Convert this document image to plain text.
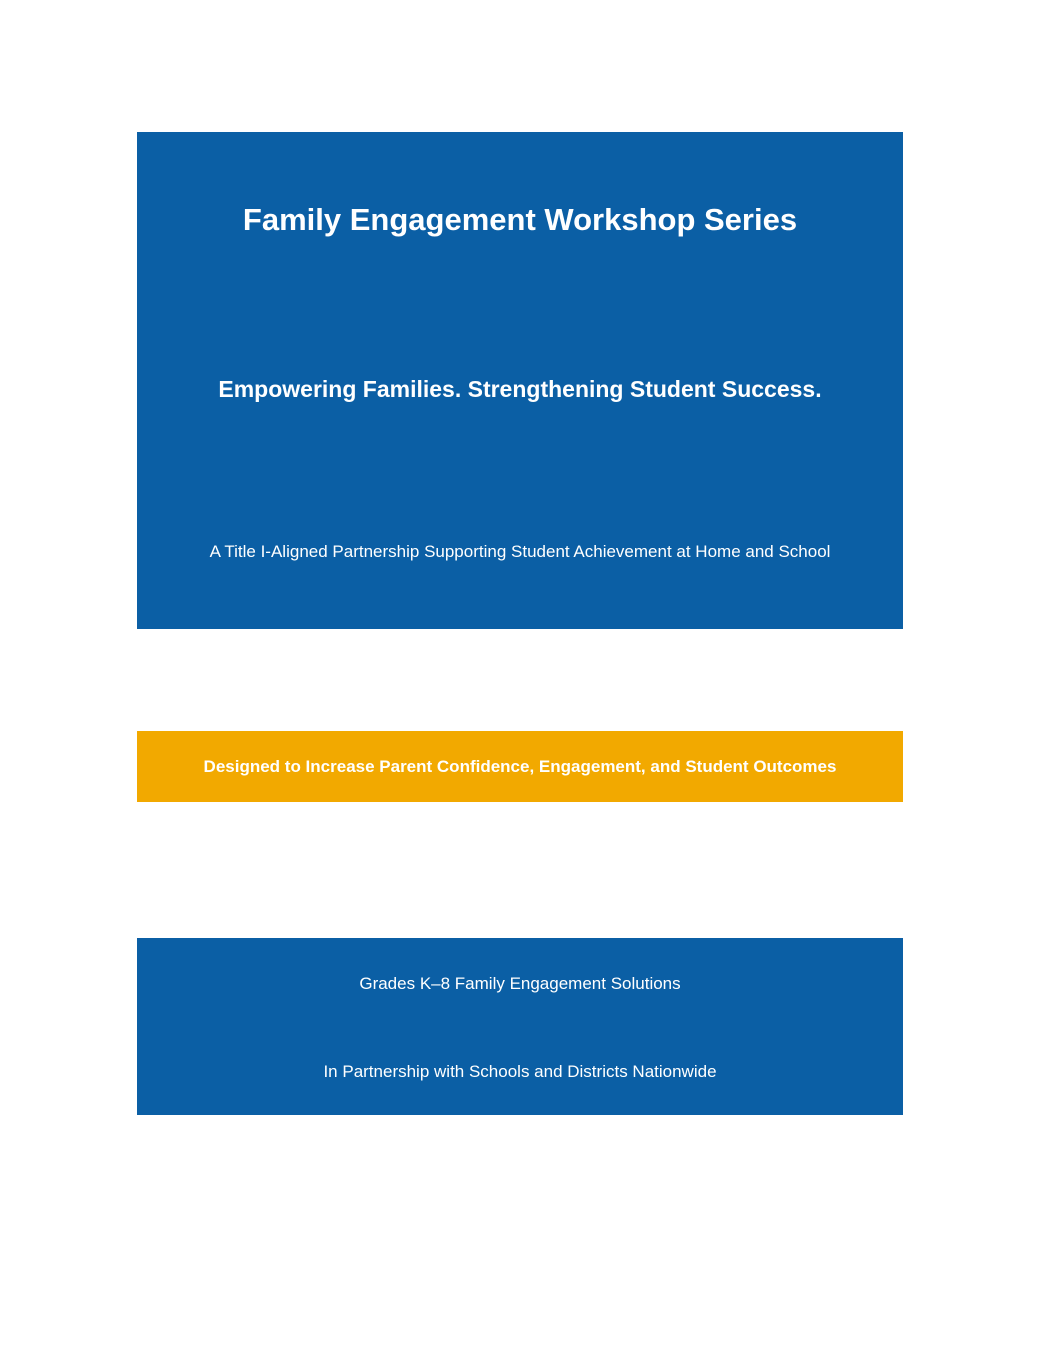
Family Engagement Workshop Series
Empowering Families. Strengthening Student Success.

A Title I-Aligned Partnership Supporting Student Achievement at Home and School

Designed to Increase Parent Confidence, Engagement, and Student Outcomes

Grades K–8 Family Engagement Solutions

In Partnership with Schools and Districts Nationwide
